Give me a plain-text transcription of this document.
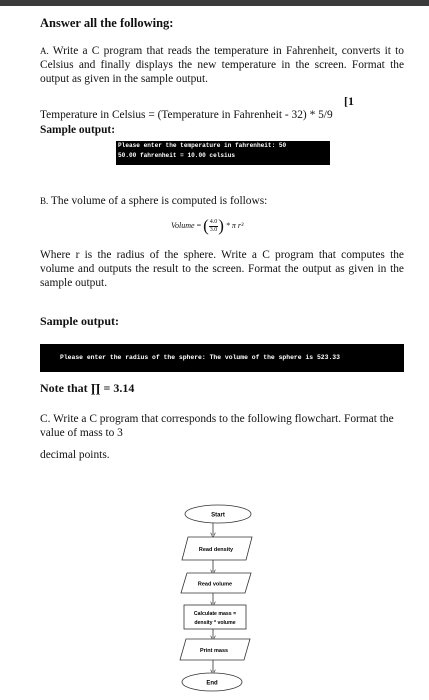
Answer all the following:
A. Write a C program that reads the temperature in Fahrenheit, converts it to Celsius and finally displays the new temperature in the screen. Format the output as given in the sample output.
[1
Temperature in Celsius = (Temperature in Fahrenheit - 32) * 5/9
Sample output:
Please enter the temperature in fahrenheit: 50
50.00 fahrenheit = 10.00 celsius
B. The volume of a sphere is computed is follows:
Volume = ( $\frac{4.0}{3.0}$ ) * π r³
Where r is the radius of the sphere. Write a C program that computes the volume and outputs the result to the screen. Format the output as given in the sample output.
Sample output:
Please enter the radius of the sphere: The volume of the sphere is 523.33
Note that ∏ = 3.14
C. Write a C program that corresponds to the following flowchart. Format the value of mass to 3
decimal points.
Start
Read density
Read volume
Calculate mass =
density * volume
Print mass
End
